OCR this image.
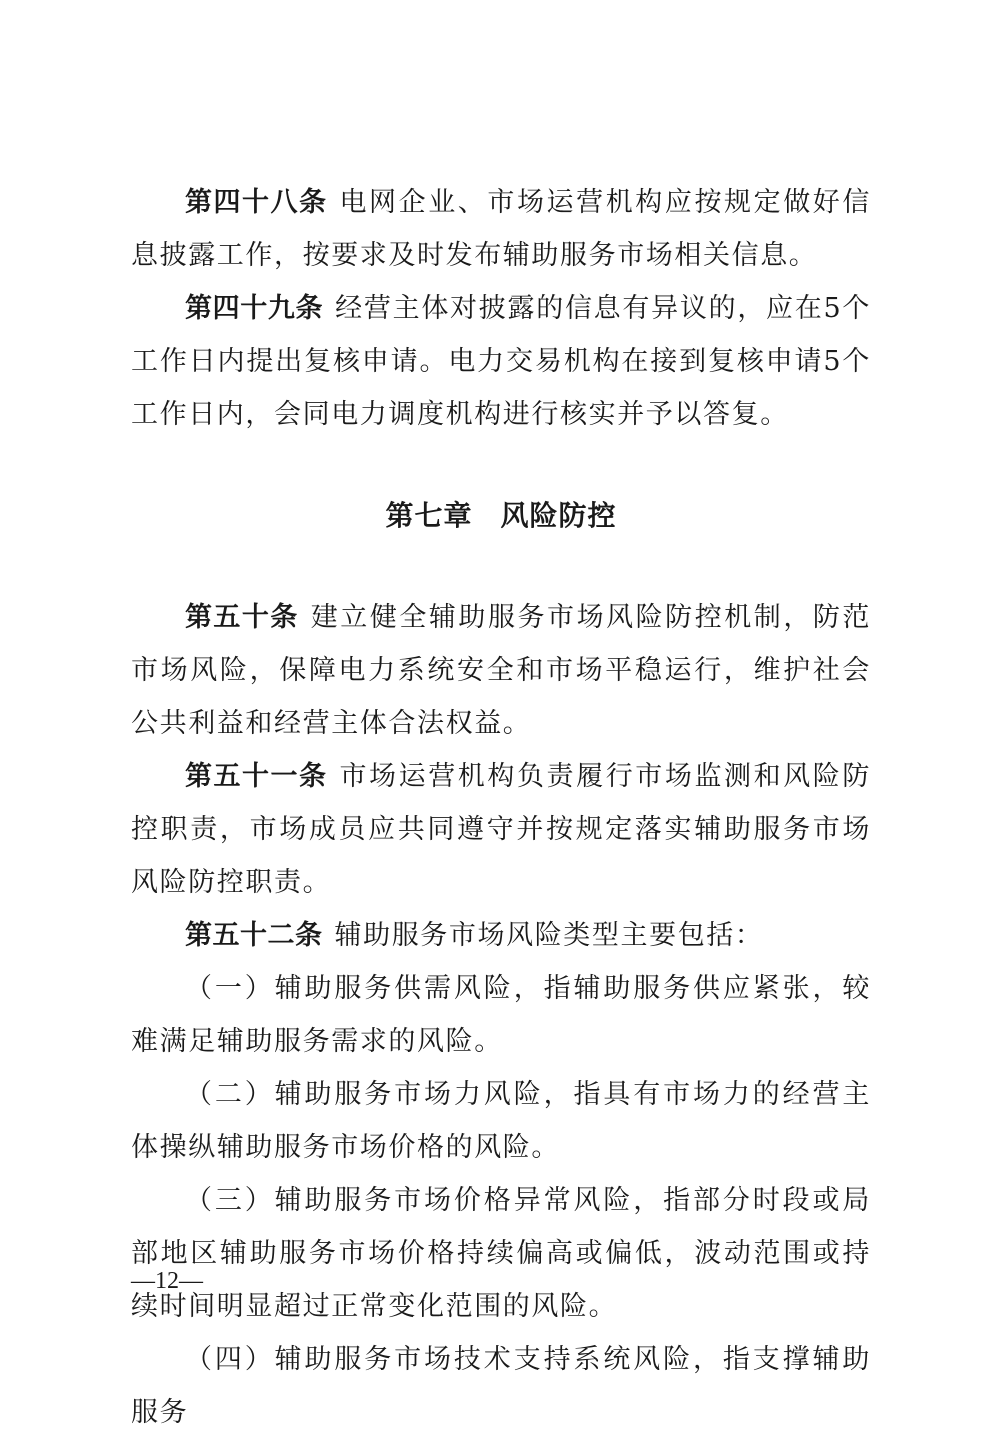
第四十八条 电网企业、市场运营机构应按规定做好信息披露工作，按要求及时发布辅助服务市场相关信息。

第四十九条 经营主体对披露的信息有异议的，应在5个工作日内提出复核申请。电力交易机构在接到复核申请5个工作日内，会同电力调度机构进行核实并予以答复。

第七章 风险防控

第五十条 建立健全辅助服务市场风险防控机制，防范市场风险，保障电力系统安全和市场平稳运行，维护社会公共利益和经营主体合法权益。

第五十一条 市场运营机构负责履行市场监测和风险防控职责，市场成员应共同遵守并按规定落实辅助服务市场风险防控职责。

第五十二条 辅助服务市场风险类型主要包括：

（一）辅助服务供需风险，指辅助服务供应紧张，较难满足辅助服务需求的风险。

（二）辅助服务市场力风险，指具有市场力的经营主体操纵辅助服务市场价格的风险。

（三）辅助服务市场价格异常风险，指部分时段或局部地区辅助服务市场价格持续偏高或偏低，波动范围或持续时间明显超过正常变化范围的风险。

（四）辅助服务市场技术支持系统风险，指支撑辅助服务

—12—
